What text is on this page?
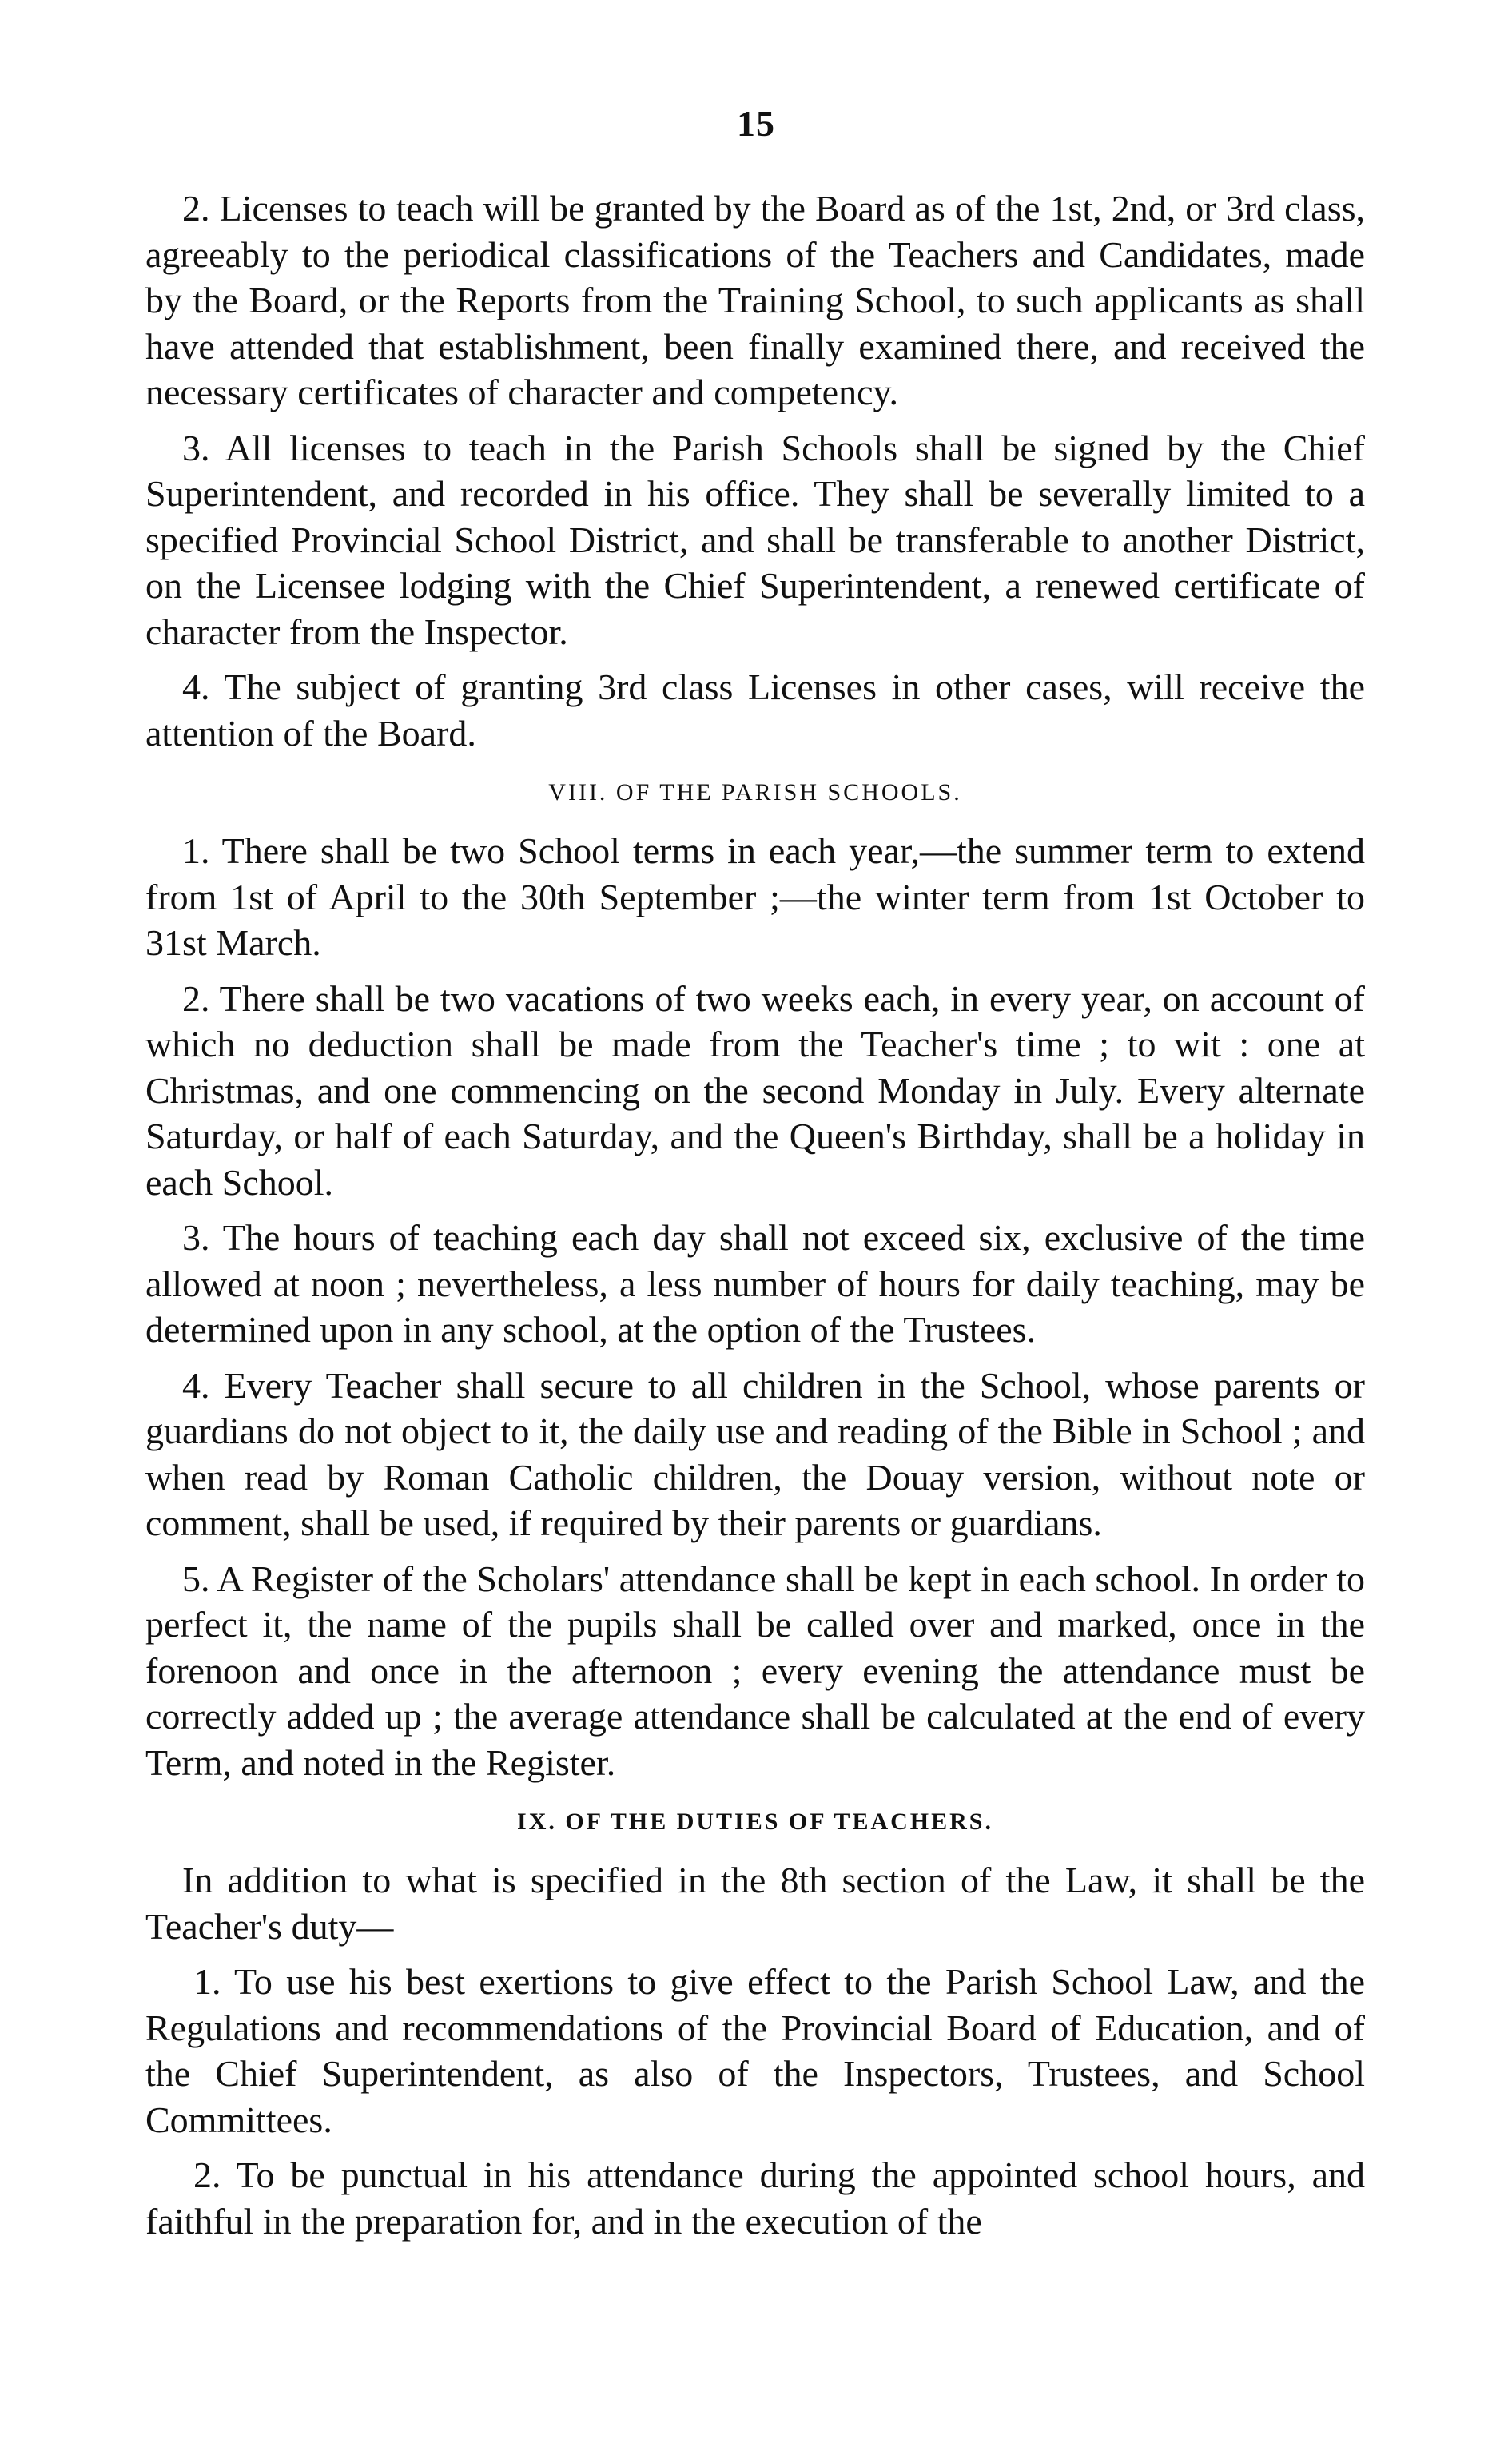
15

2. Licenses to teach will be granted by the Board as of the 1st, 2nd, or 3rd class, agreeably to the periodical classifications of the Teachers and Candidates, made by the Board, or the Reports from the Training School, to such applicants as shall have attended that establishment, been finally examined there, and received the necessary certificates of character and competency.

3. All licenses to teach in the Parish Schools shall be signed by the Chief Superintendent, and recorded in his office. They shall be severally limited to a specified Provincial School District, and shall be transferable to another District, on the Licensee lodging with the Chief Superintendent, a renewed certificate of character from the Inspector.

4. The subject of granting 3rd class Licenses in other cases, will receive the attention of the Board.

VIII. OF THE PARISH SCHOOLS.

1. There shall be two School terms in each year,—the summer term to extend from 1st of April to the 30th September ;—the winter term from 1st October to 31st March.

2. There shall be two vacations of two weeks each, in every year, on account of which no deduction shall be made from the Teacher's time ; to wit : one at Christmas, and one commencing on the second Monday in July. Every alternate Saturday, or half of each Saturday, and the Queen's Birthday, shall be a holiday in each School.

3. The hours of teaching each day shall not exceed six, exclusive of the time allowed at noon ; nevertheless, a less number of hours for daily teaching, may be determined upon in any school, at the option of the Trustees.

4. Every Teacher shall secure to all children in the School, whose parents or guardians do not object to it, the daily use and reading of the Bible in School ; and when read by Roman Catholic children, the Douay version, without note or comment, shall be used, if required by their parents or guardians.

5. A Register of the Scholars' attendance shall be kept in each school. In order to perfect it, the name of the pupils shall be called over and marked, once in the forenoon and once in the afternoon ; every evening the attendance must be correctly added up ; the average attendance shall be calculated at the end of every Term, and noted in the Register.

IX. OF THE DUTIES OF TEACHERS.

In addition to what is specified in the 8th section of the Law, it shall be the Teacher's duty—

1. To use his best exertions to give effect to the Parish School Law, and the Regulations and recommendations of the Provincial Board of Education, and of the Chief Superintendent, as also of the Inspectors, Trustees, and School Committees.

2. To be punctual in his attendance during the appointed school hours, and faithful in the preparation for, and in the execution of the
